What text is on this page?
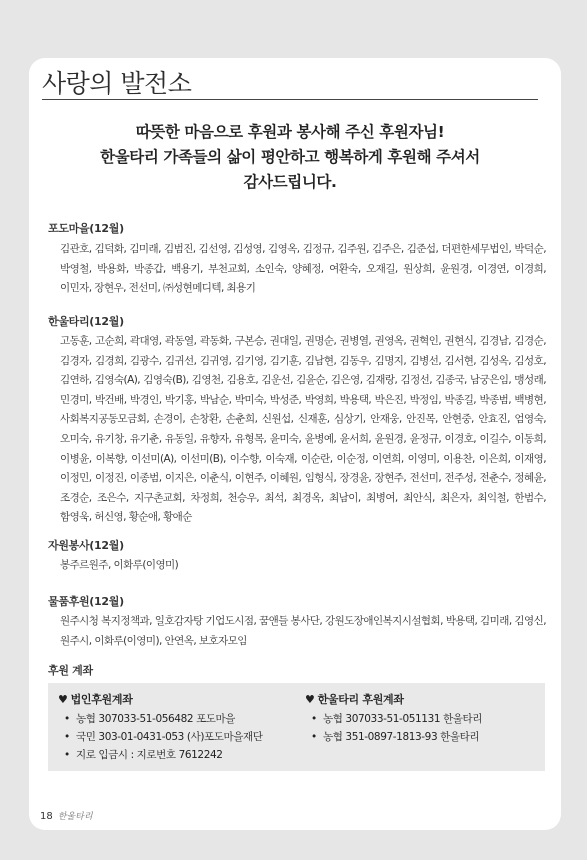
사랑의 발전소
따뜻한 마음으로 후원과 봉사해 주신 후원자님!
한울타리 가족들의 삶이 평안하고 행복하게 후원해 주셔서
감사드립니다.
포도마을(12월)
김관호, 김덕화, 김미래, 김범진, 김선영, 김성영, 김영옥, 김정규, 김주원, 김주은, 김준섭, 더편한세무법인, 박덕순, 박영철, 박용화, 박종갑, 백용기, 부천교회, 소인숙, 양혜정, 여환숙, 오재길, 원상희, 윤원경, 이경연, 이경희, 이민자, 장현우, 전선미, ㈜성현메디텍, 최용기
한울타리(12월)
고동훈, 고순희, 곽대영, 곽동열, 곽동화, 구본승, 권대일, 권명순, 권병열, 권영옥, 권혁인, 권현식, 김경남, 김경순, 김경자, 김경희, 김광수, 김귀선, 김귀영, 김기영, 김기훈, 김남현, 김동우, 김명지, 김병선, 김서현, 김성옥, 김성호, 김연하, 김영숙(A), 김영숙(B), 김영천, 김용호, 김운선, 김윤순, 김은영, 김재랑, 김정선, 김종국, 남궁은임, 맹성래, 민경미, 박건배, 박경인, 박기홍, 박남순, 박미숙, 박성준, 박영희, 박용택, 박은진, 박정임, 박종길, 박종범, 백병현, 사회복지공동모금회, 손경이, 손창환, 손춘희, 신원섭, 신재훈, 심상기, 안재웅, 안진목, 안현중, 안효진, 엄영숙, 오미숙, 유기창, 유기춘, 유동일, 유향자, 유형목, 윤미숙, 윤병예, 윤서희, 윤원경, 윤정규, 이경호, 이길수, 이동희, 이병윤, 이복향, 이선미(A), 이선미(B), 이수향, 이숙재, 이순란, 이순정, 이연희, 이영미, 이용찬, 이은희, 이재영, 이정민, 이정진, 이종범, 이지은, 이춘식, 이현주, 이혜원, 임형식, 장경윤, 장현주, 전선미, 전주성, 전춘수, 정혜윤, 조경순, 조은수, 지구촌교회, 차정희, 천승우, 최석, 최경옥, 최남이, 최병여, 최안식, 최은자, 최익철, 한범수, 함영욱, 허신영, 황순애, 황애순
자원봉사(12월)
봉주르원주, 이화루(이영미)
물품후원(12월)
원주시청 복지정책과, 일호감자탕 기업도시점, 꿈앤들 봉사단, 강원도장애인복지시설협회, 박용택, 김미래, 김영신, 원주시, 이화루(이영미), 안연옥, 보호자모임
후원 계좌
♥ 법인후원계좌
• 농협 307033-51-056482 포도마을
• 국민 303-01-0431-053 (사)포도마을재단
• 지로 입금시 : 지로번호 7612242
♥ 한울타리 후원계좌
• 농협 307033-51-051131 한울타리
• 농협 351-0897-1813-93 한울타리
18 한울타리
